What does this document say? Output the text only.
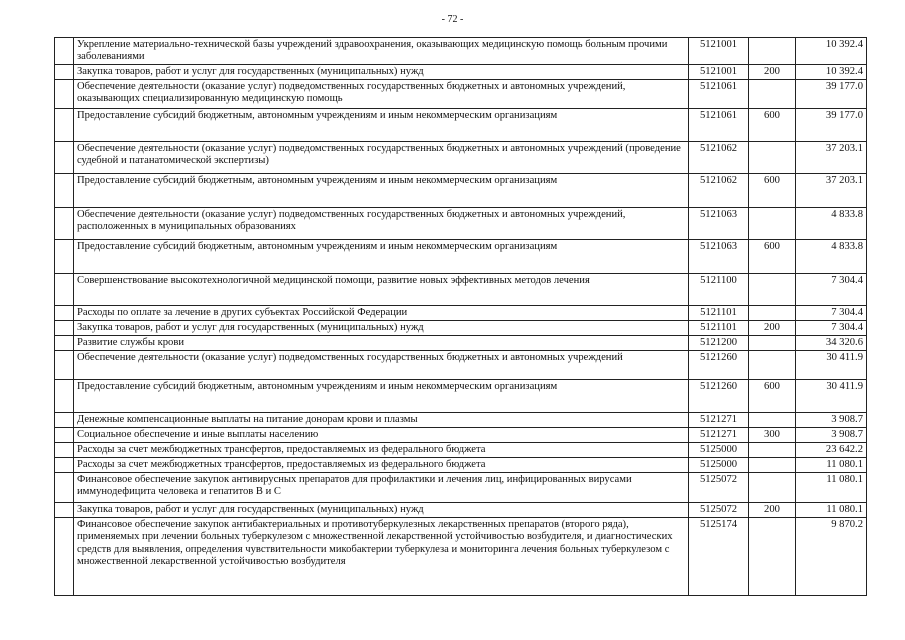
- 72 -
	Укрепление материально-технической базы учреждений здравоохранения, оказывающих медицинскую помощь больным прочими заболеваниями	5121001		10 392.4
	Закупка товаров, работ и услуг для государственных (муниципальных) нужд	5121001	200	10 392.4
	Обеспечение деятельности (оказание услуг) подведомственных государственных бюджетных и автономных учреждений, оказывающих специализированную медицинскую помощь	5121061		39 177.0
	Предоставление субсидий бюджетным, автономным учреждениям и иным некоммерческим организациям	5121061	600	39 177.0
	Обеспечение деятельности (оказание услуг) подведомственных государственных бюджетных и автономных учреждений (проведение судебной и патанатомической экспертизы)	5121062		37 203.1
	Предоставление субсидий бюджетным, автономным учреждениям и иным некоммерческим организациям	5121062	600	37 203.1
	Обеспечение деятельности (оказание услуг) подведомственных государственных бюджетных и автономных учреждений, расположенных в муниципальных образованиях	5121063		4 833.8
	Предоставление субсидий бюджетным, автономным учреждениям и иным некоммерческим организациям	5121063	600	4 833.8
	Совершенствование высокотехнологичной медицинской помощи, развитие новых эффективных методов лечения	5121100		7 304.4
	Расходы по оплате за лечение в других субъектах Российской Федерации	5121101		7 304.4
	Закупка товаров, работ и услуг для государственных (муниципальных) нужд	5121101	200	7 304.4
	Развитие службы крови	5121200		34 320.6
	Обеспечение деятельности (оказание услуг) подведомственных государственных бюджетных и автономных учреждений	5121260		30 411.9
	Предоставление субсидий бюджетным, автономным учреждениям и иным некоммерческим организациям	5121260	600	30 411.9
	Денежные компенсационные выплаты на питание донорам крови и плазмы	5121271		3 908.7
	Социальное обеспечение и иные выплаты населению	5121271	300	3 908.7
	Расходы за счет межбюджетных трансфертов, предоставляемых из федерального бюджета	5125000		23 642.2
	Расходы за счет межбюджетных трансфертов, предоставляемых из федерального бюджета	5125000		11 080.1
	Финансовое обеспечение закупок антивирусных препаратов для профилактики и лечения лиц, инфицированных вирусами иммунодефицита человека и гепатитов В и С	5125072		11 080.1
	Закупка товаров, работ и услуг для государственных (муниципальных) нужд	5125072	200	11 080.1
	Финансовое обеспечение закупок антибактериальных и противотуберкулезных лекарственных препаратов (второго ряда), применяемых при лечении больных туберкулезом с множественной лекарственной устойчивостью возбудителя, и диагностических средств для выявления, определения чувствительности микобактерии туберкулеза и мониторинга лечения больных туберкулезом с множественной лекарственной устойчивостью возбудителя	5125174		9 870.2
